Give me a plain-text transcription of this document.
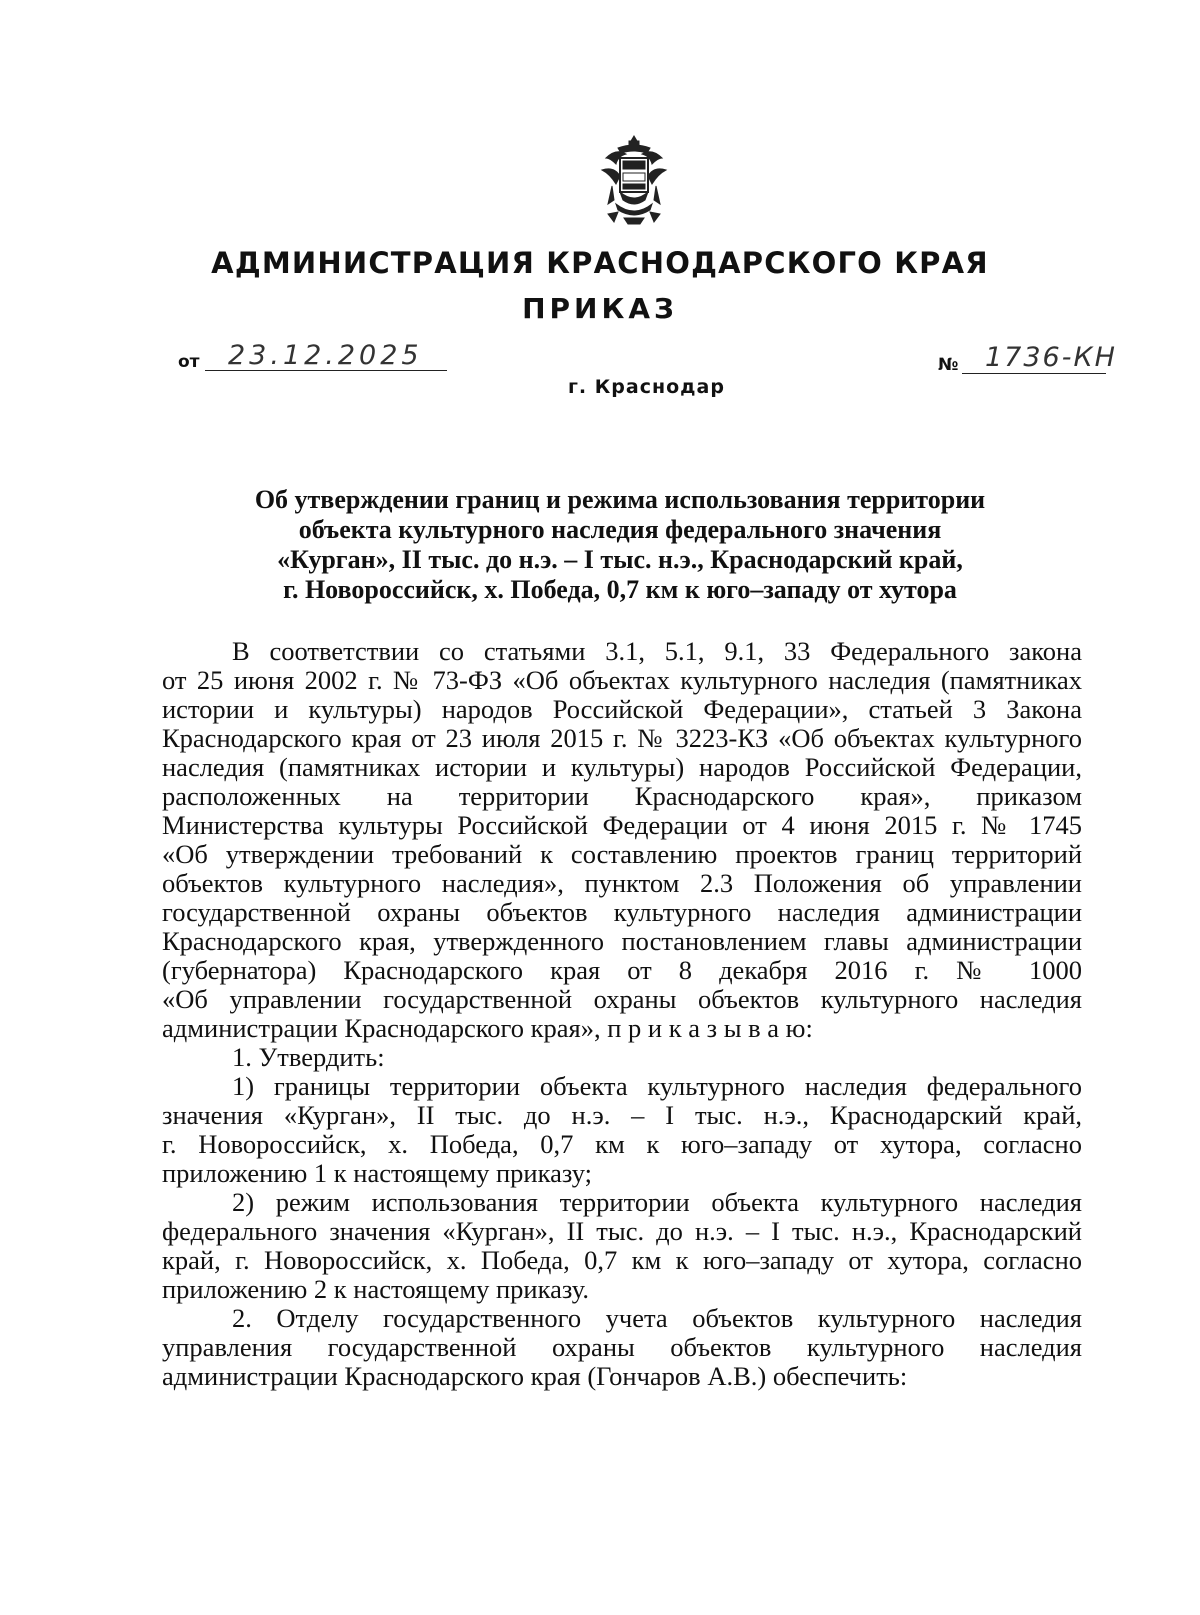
АДМИНИСТРАЦИЯ КРАСНОДАРСКОГО КРАЯ
ПРИКАЗ
от 23.12.2025
г. Краснодар
№ 1736-КН
Об утверждении границ и режима использования территории
объекта культурного наследия федерального значения
«Курган», II тыс. до н.э. – I тыс. н.э., Краснодарский край,
г. Новороссийск, х. Победа, 0,7 км к юго–западу от хутора
В соответствии со статьями 3.1, 5.1, 9.1, 33 Федерального закона
от 25 июня 2002 г. № 73-ФЗ «Об объектах культурного наследия (памятниках
истории и культуры) народов Российской Федерации», статьей 3 Закона
Краснодарского края от 23 июля 2015 г. № 3223-КЗ «Об объектах культурного
наследия (памятниках истории и культуры) народов Российской Федерации,
расположенных на территории Краснодарского края», приказом
Министерства культуры Российской Федерации от 4 июня 2015 г. № 1745
«Об утверждении требований к составлению проектов границ территорий
объектов культурного наследия», пунктом 2.3 Положения об управлении
государственной охраны объектов культурного наследия администрации
Краснодарского края, утвержденного постановлением главы администрации
(губернатора) Краснодарского края от 8 декабря 2016 г. № 1000
«Об управлении государственной охраны объектов культурного наследия
администрации Краснодарского края», п р и к а з ы в а ю:
1. Утвердить:
1) границы территории объекта культурного наследия федерального
значения «Курган», II тыс. до н.э. – I тыс. н.э., Краснодарский край,
г. Новороссийск, х. Победа, 0,7 км к юго–западу от хутора, согласно
приложению 1 к настоящему приказу;
2) режим использования территории объекта культурного наследия
федерального значения «Курган», II тыс. до н.э. – I тыс. н.э., Краснодарский
край, г. Новороссийск, х. Победа, 0,7 км к юго–западу от хутора, согласно
приложению 2 к настоящему приказу.
2. Отделу государственного учета объектов культурного наследия
управления государственной охраны объектов культурного наследия
администрации Краснодарского края (Гончаров А.В.) обеспечить:
